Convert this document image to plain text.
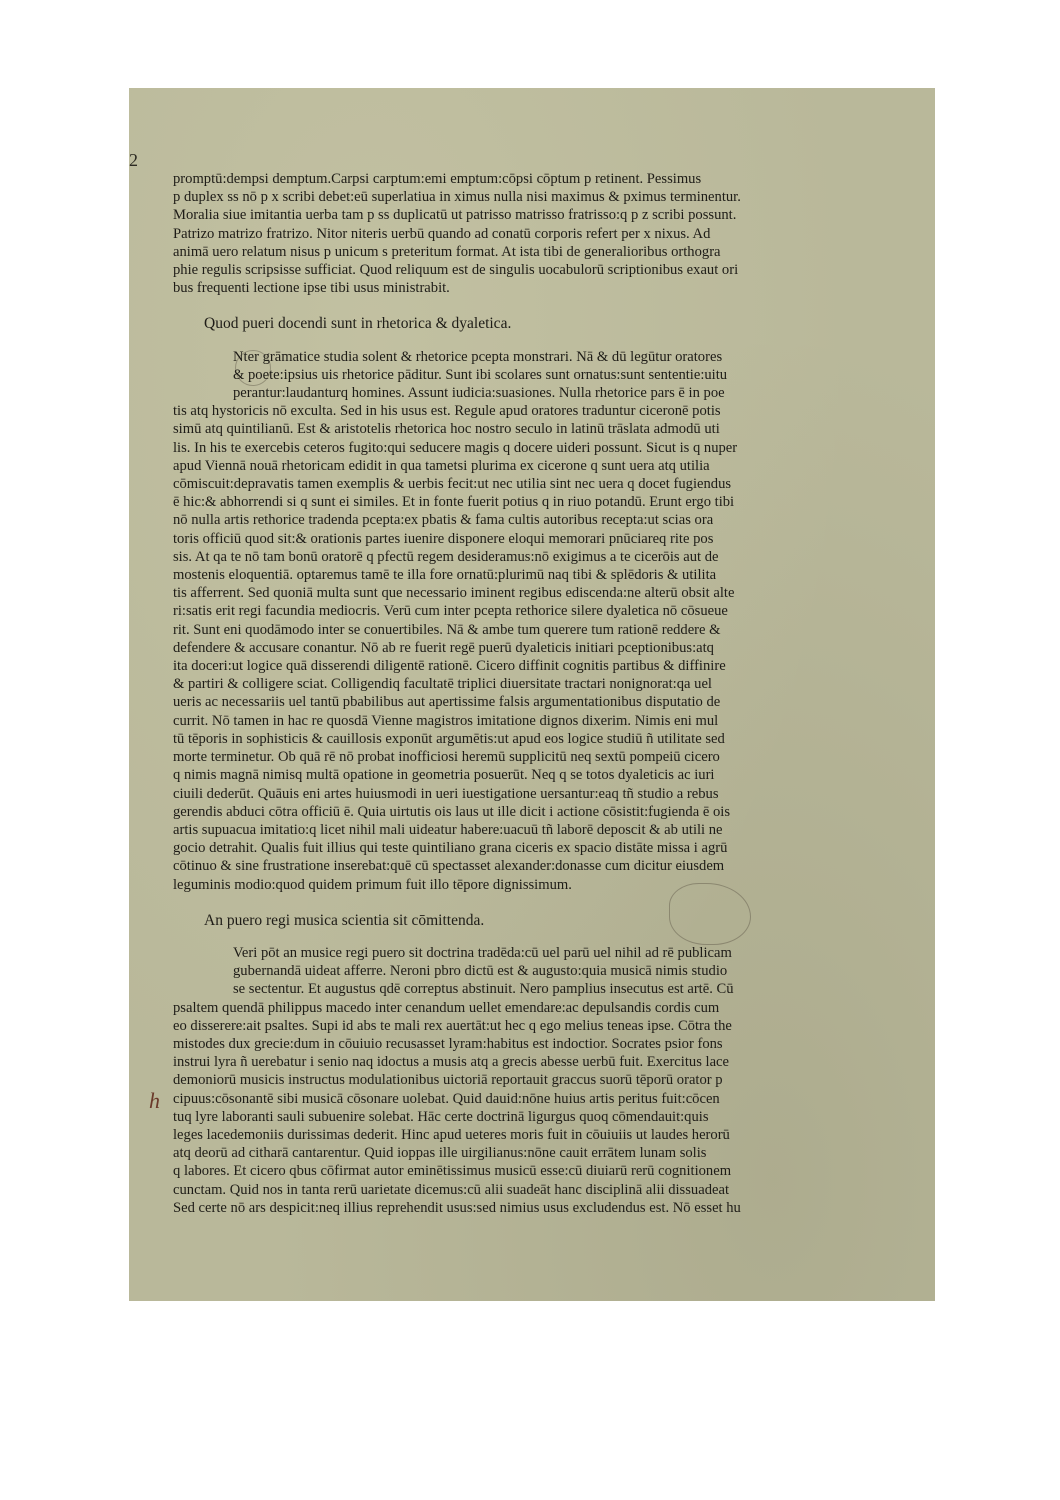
2
h
promptū:dempsi demptum.Carpsi carptum:emi emptum:cōpsi cōptum p retinent. Pessimus
p duplex ss nō p x scribi debet:eū superlatiua in ximus nulla nisi maximus & pximus terminentur.
Moralia siue imitantia uerba tam p ss duplicatū ut patrisso matrisso fratrisso:q p z scribi possunt.
Patrizo matrizo fratrizo. Nitor niteris uerbū quando ad conatū corporis refert per x nixus. Ad
animā uero relatum nisus p unicum s preteritum format. At ista tibi de generalioribus orthogra
phie regulis scripsisse sufficiat. Quod reliquum est de singulis uocabulorū scriptionibus exaut ori
bus frequenti lectione ipse tibi usus ministrabit.
Quod pueri docendi sunt in rhetorica & dyaletica.
Nter grāmatice studia solent & rhetorice pcepta monstrari. Nā & dū legūtur oratores
& poete:ipsius uis rhetorice pāditur. Sunt ibi scolares sunt ornatus:sunt sententie:uitu
perantur:laudanturq homines. Assunt iudicia:suasiones. Nulla rhetorice pars ē in poe
tis atq hystoricis nō exculta. Sed in his usus est. Regule apud oratores traduntur ciceronē potis
simū atq quintilianū. Est & aristotelis rhetorica hoc nostro seculo in latinū trāslata admodū uti
lis. In his te exercebis ceteros fugito:qui seducere magis q docere uideri possunt. Sicut is q nuper
apud Viennā nouā rhetoricam edidit in qua tametsi plurima ex cicerone q sunt uera atq utilia
cōmiscuit:depravatis tamen exemplis & uerbis fecit:ut nec utilia sint nec uera q docet fugiendus
ē hic:& abhorrendi si q sunt ei similes. Et in fonte fuerit potius q in riuo potandū. Erunt ergo tibi
nō nulla artis rethorice tradenda pcepta:ex pbatis & fama cultis autoribus recepta:ut scias ora
toris officiū quod sit:& orationis partes iuenire disponere eloqui memorari pnūciareq rite pos
sis. At qa te nō tam bonū oratorē q pfectū regem desideramus:nō exigimus a te cicerōis aut de
mostenis eloquentiā. optaremus tamē te illa fore ornatū:plurimū naq tibi & splēdoris & utilita
tis afferrent. Sed quoniā multa sunt que necessario iminent regibus ediscenda:ne alterū obsit alte
ri:satis erit regi facundia mediocris. Verū cum inter pcepta rethorice silere dyaletica nō cōsueue
rit. Sunt eni quodāmodo inter se conuertibiles. Nā & ambe tum querere tum rationē reddere &
defendere & accusare conantur. Nō ab re fuerit regē puerū dyaleticis initiari pceptionibus:atq
ita doceri:ut logice quā disserendi diligentē rationē. Cicero diffinit cognitis partibus & diffinire
& partiri & colligere sciat. Colligendiq facultatē triplici diuersitate tractari nonignorat:qa uel
ueris ac necessariis uel tantū pbabilibus aut apertissime falsis argumentationibus disputatio de
currit. Nō tamen in hac re quosdā Vienne magistros imitatione dignos dixerim. Nimis eni mul
tū tēporis in sophisticis & cauillosis exponūt argumētis:ut apud eos logice studiū ñ utilitate sed
morte terminetur. Ob quā rē nō probat inofficiosi heremū supplicitū neq sextū pompeiū cicero
q nimis magnā nimisq multā opatione in geometria posuerūt. Neq q se totos dyaleticis ac iuri
ciuili dederūt. Quāuis eni artes huiusmodi in ueri iuestigatione uersantur:eaq tñ studio a rebus
gerendis abduci cōtra officiū ē. Quia uirtutis ois laus ut ille dicit i actione cōsistit:fugienda ē ois
artis supuacua imitatio:q licet nihil mali uideatur habere:uacuū tñ laborē deposcit & ab utili ne
gocio detrahit. Qualis fuit illius qui teste quintiliano grana ciceris ex spacio distāte missa i agrū
cōtinuo & sine frustratione inserebat:quē cū spectasset alexander:donasse cum dicitur eiusdem
leguminis modio:quod quidem primum fuit illo tēpore dignissimum.
An puero regi musica scientia sit cōmittenda.
Veri pōt an musice regi puero sit doctrina tradēda:cū uel parū uel nihil ad rē publicam
gubernandā uideat afferre. Neroni pbro dictū est & augusto:quia musicā nimis studio
se sectentur. Et augustus qdē correptus abstinuit. Nero pamplius insecutus est artē. Cū
psaltem quendā philippus macedo inter cenandum uellet emendare:ac depulsandis cordis cum
eo disserere:ait psaltes. Supi id abs te mali rex auertāt:ut hec q ego melius teneas ipse. Cōtra the
mistodes dux grecie:dum in cōuiuio recusasset lyram:habitus est indoctior. Socrates psior fons
instrui lyra ñ uerebatur i senio naq idoctus a musis atq a grecis abesse uerbū fuit. Exercitus lace
demoniorū musicis instructus modulationibus uictoriā reportauit graccus suorū tēporū orator p
cipuus:cōsonantē sibi musicā cōsonare uolebat. Quid dauid:nōne huius artis peritus fuit:cōcen
tuq lyre laboranti sauli subuenire solebat. Hāc certe doctrinā ligurgus quoq cōmendauit:quis
leges lacedemoniis durissimas dederit. Hinc apud ueteres moris fuit in cōuiuiis ut laudes herorū
atq deorū ad citharā cantarentur. Quid ioppas ille uirgilianus:nōne cauit errātem lunam solis
q labores. Et cicero qbus cōfirmat autor eminētissimus musicū esse:cū diuiarū rerū cognitionem
cunctam. Quid nos in tanta rerū uarietate dicemus:cū alii suadeāt hanc disciplinā alii dissuadeat
Sed certe nō ars despicit:neq illius reprehendit usus:sed nimius usus excludendus est. Nō esset hu
